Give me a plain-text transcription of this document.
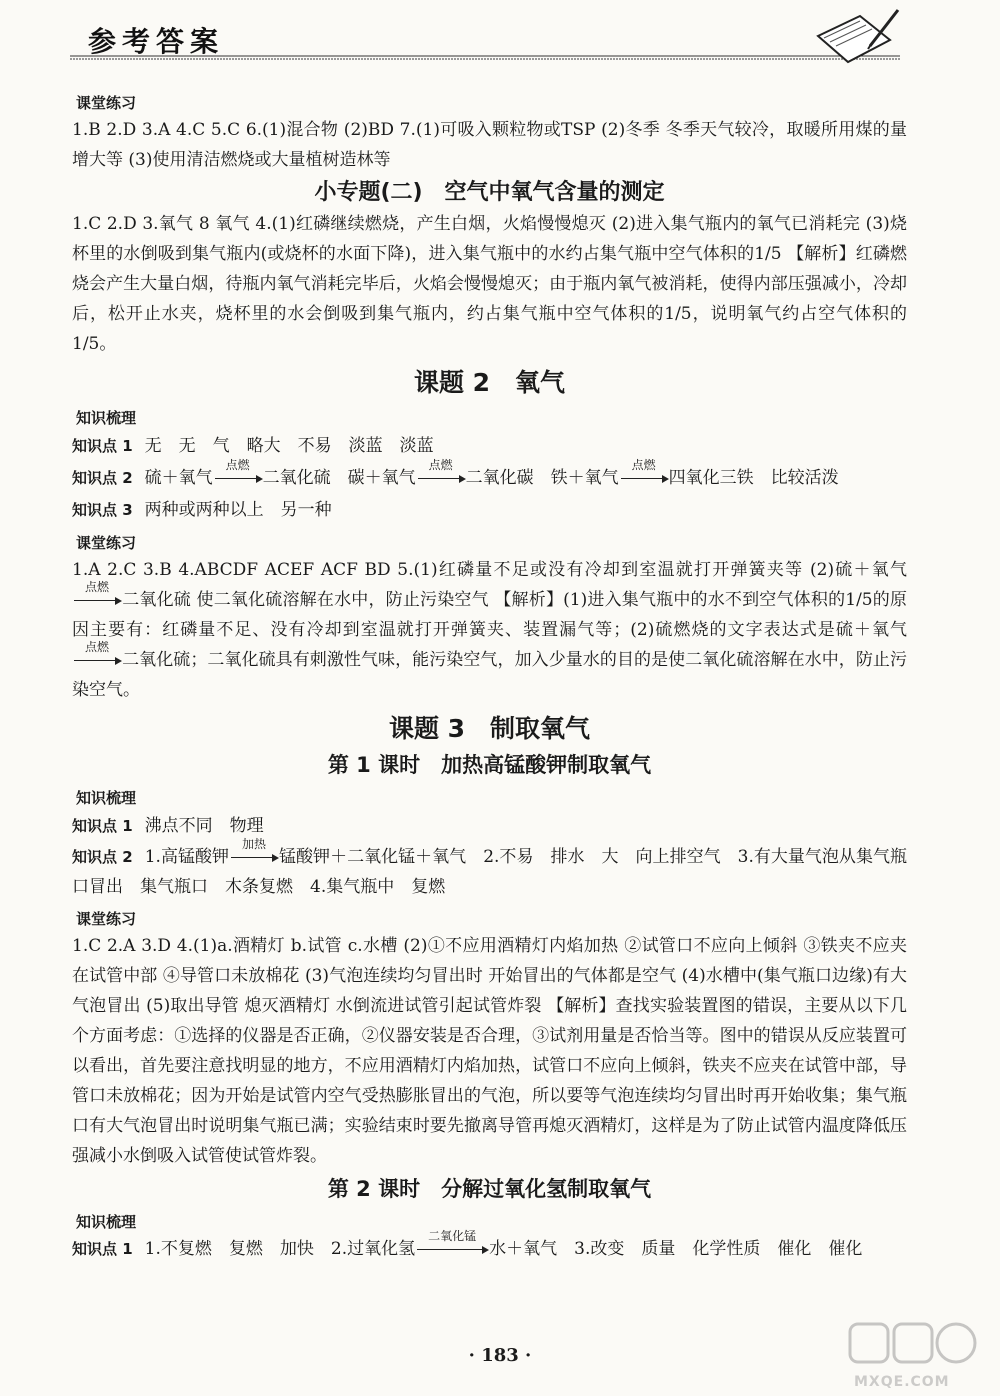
参考答案
课堂练习

1.B 2.D 3.A 4.C 5.C 6.(1)混合物 (2)BD 7.(1)可吸入颗粒物或TSP (2)冬季 冬季天气较冷，取暖所用煤的量增大等 (3)使用清洁燃烧或大量植树造林等

小专题(二)　空气中氧气含量的测定

1.C 2.D 3.氧气 8 氧气 4.(1)红磷继续燃烧，产生白烟，火焰慢慢熄灭 (2)进入集气瓶内的氧气已消耗完 (3)烧杯里的水倒吸到集气瓶内(或烧杯的水面下降)，进入集气瓶中的水约占集气瓶中空气体积的1/5 【解析】红磷燃烧会产生大量白烟，待瓶内氧气消耗完毕后，火焰会慢慢熄灭；由于瓶内氧气被消耗，使得内部压强减小，冷却后，松开止水夹，烧杯里的水会倒吸到集气瓶内，约占集气瓶中空气体积的1/5，说明氧气约占空气体积的1/5。

课题 2　氧气
知识梳理

知识点 1 无　无　气　略大　不易　淡蓝　淡蓝

知识点 2 硫＋氧气
点燃
二氧化硫　碳＋氧气
点燃
二氧化碳　铁＋氧气
点燃
四氧化三铁　比较活泼

知识点 3 两种或两种以上　另一种

课堂练习

1.A 2.C 3.B 4.ABCDF ACEF ACF BD 5.(1)红磷量不足或没有冷却到室温就打开弹簧夹等 (2)硫＋氧气
点燃
二氧化硫 使二氧化硫溶解在水中，防止污染空气 【解析】(1)进入集气瓶中的水不到空气体积的1/5的原因主要有：红磷量不足、没有冷却到室温就打开弹簧夹、装置漏气等；(2)硫燃烧的文字表达式是硫＋氧气
点燃
二氧化硫；二氧化硫具有刺激性气味，能污染空气，加入少量水的目的是使二氧化硫溶解在水中，防止污染空气。

课题 3　制取氧气
第 1 课时　加热高锰酸钾制取氧气
知识梳理

知识点 1 沸点不同　物理

知识点 2 1.高锰酸钾
加热
锰酸钾＋二氧化锰＋氧气　2.不易　排水　大　向上排空气　3.有大量气泡从集气瓶口冒出　集气瓶口　木条复燃　4.集气瓶中　复燃

课堂练习

1.C 2.A 3.D 4.(1)a.酒精灯 b.试管 c.水槽 (2)①不应用酒精灯内焰加热 ②试管口不应向上倾斜 ③铁夹不应夹在试管中部 ④导管口未放棉花 (3)气泡连续均匀冒出时 开始冒出的气体都是空气 (4)水槽中(集气瓶口边缘)有大气泡冒出 (5)取出导管 熄灭酒精灯 水倒流进试管引起试管炸裂 【解析】查找实验装置图的错误，主要从以下几个方面考虑：①选择的仪器是否正确，②仪器安装是否合理，③试剂用量是否恰当等。图中的错误从反应装置可以看出，首先要注意找明显的地方，不应用酒精灯内焰加热，试管口不应向上倾斜，铁夹不应夹在试管中部，导管口未放棉花；因为开始是试管内空气受热膨胀冒出的气泡，所以要等气泡连续均匀冒出时再开始收集；集气瓶口有大气泡冒出时说明集气瓶已满；实验结束时要先撤离导管再熄灭酒精灯，这样是为了防止试管内温度降低压强减小水倒吸入试管使试管炸裂。

第 2 课时　分解过氧化氢制取氧气
知识梳理

知识点 1 1.不复燃　复燃　加快　2.过氧化氢
二氧化锰
水＋氧气　3.改变　质量　化学性质　催化　催化

· 183 ·
MXQE.COM
